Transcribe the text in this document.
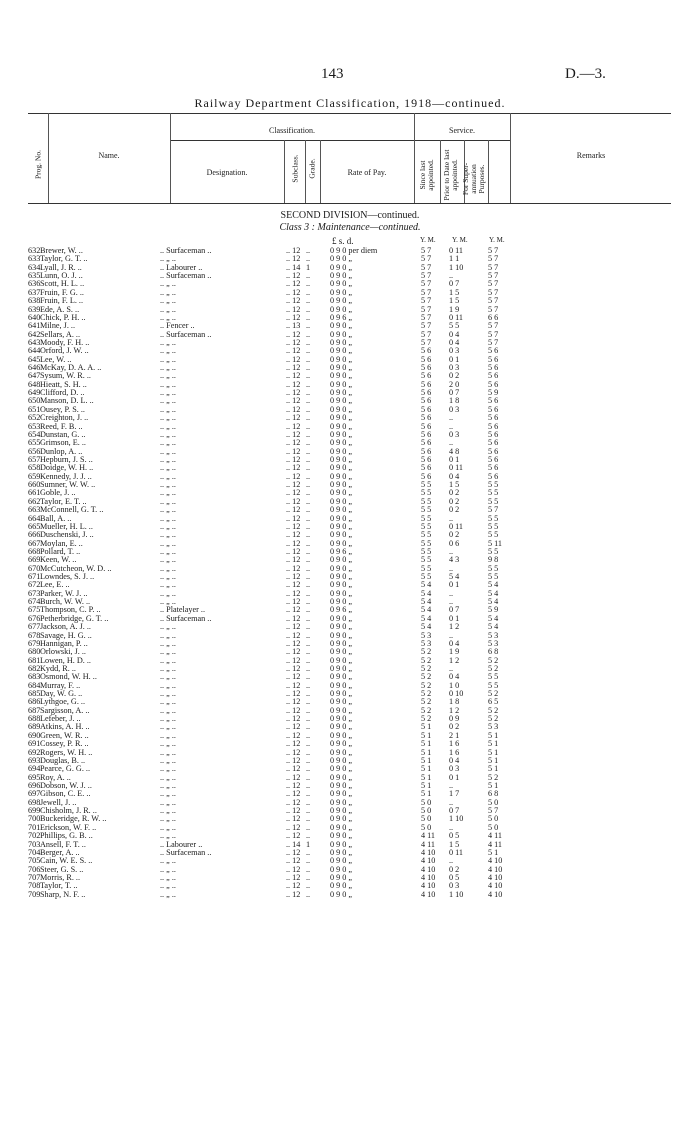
143	D.—3.
Railway Department Classification, 1918—continued.
Prog. No.	Name.
Classification.
Designation.	Subclass. Grade.	Rate of Pay.
Service.
Since last appointed. Prior to Date last appointed. For Super-annuation Purposes.
Remarks
SECOND DIVISION—continued.
Class 3 : Maintenance—continued.
£ s. d.	Y. M. Y. M.	Y. M.
632 Brewer, W. ..	.. Surfaceman ..	.. 12 ..	0 9 0 per diem	5 7	0 11	5 7
633 Taylor, G. T. ..	.. „ ..	.. 12 ..	0 9 0 „	5 7	1 1	5 7
634 Lyall, J. R. ..	.. Labourer ..	.. 14 1	0 9 0 „	5 7	1 10	5 7
635 Lunn, O. J. ..	.. Surfaceman ..	.. 12 ..	0 9 0 „	5 7	..	5 7
636 Scott, H. L. ..	.. „ ..	.. 12 ..	0 9 0 „	5 7	0 7	5 7
637 Fruin, F. G. ..	.. „ ..	.. 12 ..	0 9 0 „	5 7	1 5	5 7
638 Fruin, F. L. ..	.. „ ..	.. 12 ..	0 9 0 „	5 7	1 5	5 7
639 Ede, A. S. ..	.. „ ..	.. 12 ..	0 9 0 „	5 7	1 9	5 7
640 Chick, P. H. ..	.. „ ..	.. 12 ..	0 9 6 „	5 7	0 11	6 6
641 Milne, J. ..	.. Fencer ..	.. 13 ..	0 9 0 „	5 7	5 5	5 7
642 Sellars, A. ..	.. Surfaceman ..	.. 12 ..	0 9 0 „	5 7	0 4	5 7
643 Moody, F. H. ..	.. „ ..	.. 12 ..	0 9 0 „	5 7	0 4	5 7
644 Orford, J. W. ..	.. „ ..	.. 12 ..	0 9 0 „	5 6	0 3	5 6
645 Lee, W. ..	.. „ ..	.. 12 ..	0 9 0 „	5 6	0 1	5 6
646 McKay, D. A. A. ..	.. „ ..	.. 12 ..	0 9 0 „	5 6	0 3	5 6
647 Sysum, W. R. ..	.. „ ..	.. 12 ..	0 9 0 „	5 6	0 2	5 6
648 Hieatt, S. H. ..	.. „ ..	.. 12 ..	0 9 0 „	5 6	2 0	5 6
649 Clifford, D. ..	.. „ ..	.. 12 ..	0 9 0 „	5 6	0 7	5 9
650 Manson, D. L. ..	.. „ ..	.. 12 ..	0 9 0 „	5 6	1 8	5 6
651 Ousey, P. S. ..	.. „ ..	.. 12 ..	0 9 0 „	5 6	0 3	5 6
652 Creighton, J. ..	.. „ ..	.. 12 ..	0 9 0 „	5 6	..	5 6
653 Reed, F. B. ..	.. „ ..	.. 12 ..	0 9 0 „	5 6	..	5 6
654 Dunstan, G. ..	.. „ ..	.. 12 ..	0 9 0 „	5 6	0 3	5 6
655 Grimson, E. ..	.. „ ..	.. 12 ..	0 9 0 „	5 6	..	5 6
656 Dunlop, A. ..	.. „ ..	.. 12 ..	0 9 0 „	5 6	4 8	5 6
657 Hepburn, J. S. ..	.. „ ..	.. 12 ..	0 9 0 „	5 6	0 1	5 6
658 Doidge, W. H. ..	.. „ ..	.. 12 ..	0 9 0 „	5 6	0 11	5 6
659 Kennedy, J. J. ..	.. „ ..	.. 12 ..	0 9 0 „	5 6	0 4	5 6
660 Sumner, W. W. ..	.. „ ..	.. 12 ..	0 9 0 „	5 5	1 5	5 5
661 Goble, J. ..	.. „ ..	.. 12 ..	0 9 0 „	5 5	0 2	5 5
662 Taylor, E. T. ..	.. „ ..	.. 12 ..	0 9 0 „	5 5	0 2	5 5
663 McConnell, G. T. ..	.. „ ..	.. 12 ..	0 9 0 „	5 5	0 2	5 7
664 Ball, A. ..	.. „ ..	.. 12 ..	0 9 0 „	5 5	..	5 5
665 Mueller, H. L. ..	.. „ ..	.. 12 ..	0 9 0 „	5 5	0 11	5 5
666 Duschenski, J. ..	.. „ ..	.. 12 ..	0 9 0 „	5 5	0 2	5 5
667 Moylan, E. ..	.. „ ..	.. 12 ..	0 9 0 „	5 5	0 6	5 11
668 Pollard, T. ..	.. „ ..	.. 12 ..	0 9 6 „	5 5	..	5 5
669 Keen, W. ..	.. „ ..	.. 12 ..	0 9 0 „	5 5	4 3	9 8
670 McCutcheon, W. D. ..	.. „ ..	.. 12 ..	0 9 0 „	5 5	..	5 5
671 Lowndes, S. J. ..	.. „ ..	.. 12 ..	0 9 0 „	5 5	5 4	5 5
672 Lee, E. ..	.. „ ..	.. 12 ..	0 9 0 „	5 4	0 1	5 4
673 Parker, W. J. ..	.. „ ..	.. 12 ..	0 9 0 „	5 4	..	5 4
674 Burch, W. W. ..	.. „ ..	.. 12 ..	0 9 0 „	5 4	..	5 4
675 Thompson, C. P. ..	.. Platelayer ..	.. 12 ..	0 9 6 „	5 4	0 7	5 9
676 Petherbridge, G. T. ..	.. Surfaceman ..	.. 12 ..	0 9 0 „	5 4	0 1	5 4
677 Jackson, A. J. ..	.. „ ..	.. 12 ..	0 9 0 „	5 4	1 2	5 4
678 Savage, H. G. ..	.. „ ..	.. 12 ..	0 9 0 „	5 3	..	5 3
679 Hannigan, P. ..	.. „ ..	.. 12 ..	0 9 0 „	5 3	0 4	5 3
680 Orlowski, J. ..	.. „ ..	.. 12 ..	0 9 0 „	5 2	1 9	6 8
681 Lowen, H. D. ..	.. „ ..	.. 12 ..	0 9 0 „	5 2	1 2	5 2
682 Kydd, R. ..	.. „ ..	.. 12 ..	0 9 0 „	5 2	..	5 2
683 Osmond, W. H. ..	.. „ ..	.. 12 ..	0 9 0 „	5 2	0 4	5 5
684 Murray, F. ..	.. „ ..	.. 12 ..	0 9 0 „	5 2	1 0	5 5
685 Day, W. G. ..	.. „ ..	.. 12 ..	0 9 0 „	5 2	0 10	5 2
686 Lythgoe, G. ..	.. „ ..	.. 12 ..	0 9 0 „	5 2	1 8	6 5
687 Sargisson, A. ..	.. „ ..	.. 12 ..	0 9 0 „	5 2	1 2	5 2
688 Lefeber, J. ..	.. „ ..	.. 12 ..	0 9 0 „	5 2	0 9	5 2
689 Atkins, A. H. ..	.. „ ..	.. 12 ..	0 9 0 „	5 1	0 2	5 3
690 Green, W. R. ..	.. „ ..	.. 12 ..	0 9 0 „	5 1	2 1	5 1
691 Cossey, P. R. ..	.. „ ..	.. 12 ..	0 9 0 „	5 1	1 6	5 1
692 Rogers, W. H. ..	.. „ ..	.. 12 ..	0 9 0 „	5 1	1 6	5 1
693 Douglas, B. ..	.. „ ..	.. 12 ..	0 9 0 „	5 1	0 4	5 1
694 Pearce, G. G. ..	.. „ ..	.. 12 ..	0 9 0 „	5 1	0 3	5 1
695 Roy, A. ..	.. „ ..	.. 12 ..	0 9 0 „	5 1	0 1	5 2
696 Dobson, W. J. ..	.. „ ..	.. 12 ..	0 9 0 „	5 1	..	5 1
697 Gibson, C. E. ..	.. „ ..	.. 12 ..	0 9 0 „	5 1	1 7	6 8
698 Jewell, J. ..	.. „ ..	.. 12 ..	0 9 0 „	5 0	..	5 0
699 Chisholm, J. R. ..	.. „ ..	.. 12 ..	0 9 0 „	5 0	0 7	5 7
700 Buckeridge, R. W. ..	.. „ ..	.. 12 ..	0 9 0 „	5 0	1 10	5 0
701 Erickson, W. F. ..	.. „ ..	.. 12 ..	0 9 0 „	5 0	..	5 0
702 Phillips, G. B. ..	.. „ ..	.. 12 ..	0 9 0 „	4 11	0 5	4 11
703 Ansell, F. T. ..	.. Labourer ..	.. 14 1	0 9 0 „	4 11	1 5	4 11
704 Berger, A. ..	.. Surfaceman ..	.. 12 ..	0 9 0 „	4 10	0 11	5 1
705 Cain, W. E. S. ..	.. „ ..	.. 12 ..	0 9 0 „	4 10	..	4 10
706 Steer, G. S. ..	.. „ ..	.. 12 ..	0 9 0 „	4 10	0 2	4 10
707 Morris, R. ..	.. „ ..	.. 12 ..	0 9 0 „	4 10	0 5	4 10
708 Taylor, T. ..	.. „ ..	.. 12 ..	0 9 0 „	4 10	0 3	4 10
709 Sharp, N. F. ..	.. „ ..	.. 12 ..	0 9 0 „	4 10	1 10	4 10
